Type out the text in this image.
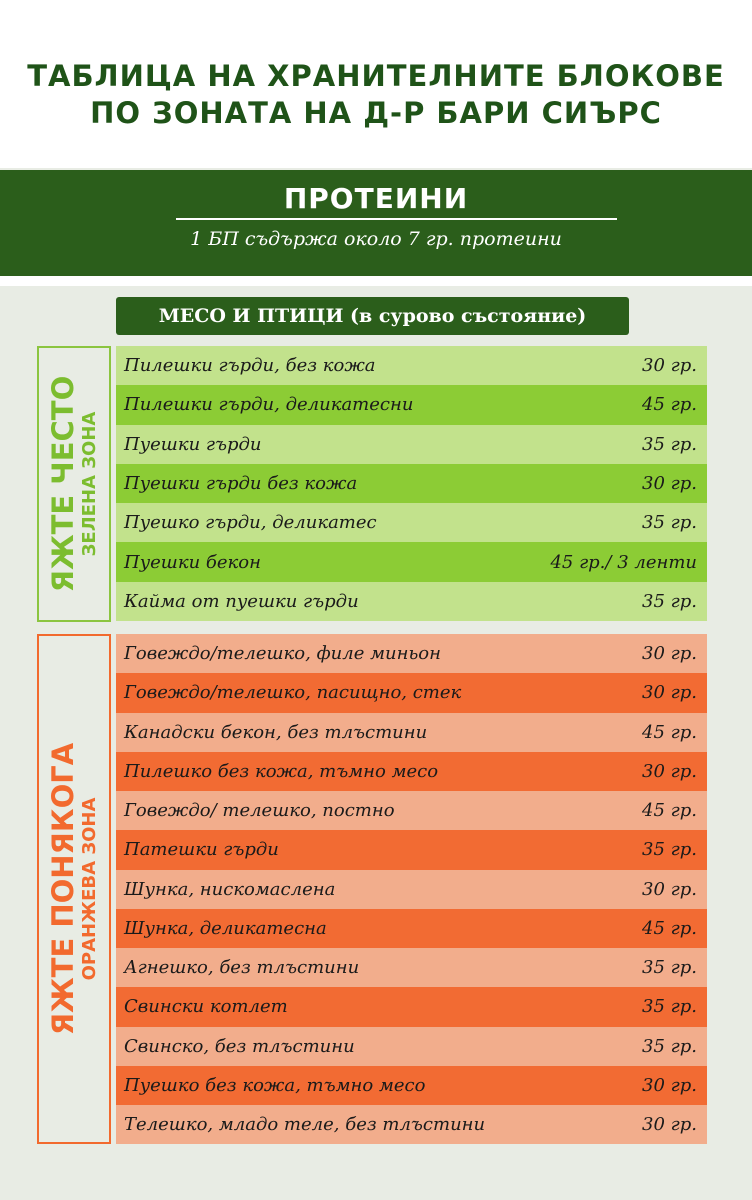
ТАБЛИЦА НА ХРАНИТЕЛНИТЕ БЛОКОВЕ
ПО ЗОНАТА НА Д-Р БАРИ СИЪРС
ПРОТЕИНИ
1 БП съдържа около 7 гр. протеини
МЕСО И ПТИЦИ (в сурово състояние)
ЯЖТЕ ЧЕСТО ЗЕЛЕНА ЗОНА
Пилешки гърди, без кожа	30 гр.
Пилешки гърди, деликатесни	45 гр.
Пуешки гърди	35 гр.
Пуешки гърди без кожа	30 гр.
Пуешко гърди, деликатес	35 гр.
Пуешки бекон	45 гр./ 3 ленти
Кайма от пуешки гърди	35 гр.
ЯЖТЕ ПОНЯКОГА ОРАНЖЕВА ЗОНА
Говеждо/телешко, филе миньон	30 гр.
Говеждо/телешко, пасищно, стек	30 гр.
Канадски бекон, без тлъстини	45 гр.
Пилешко без кожа, тъмно месо	30 гр.
Говеждо/ телешко, постно	45 гр.
Патешки гърди	35 гр.
Шунка, нискомаслена	30 гр.
Шунка, деликатесна	45 гр.
Агнешко, без тлъстини	35 гр.
Свински котлет	35 гр.
Свинско, без тлъстини	35 гр.
Пуешко без кожа, тъмно месо	30 гр.
Телешко, младо теле, без тлъстини	30 гр.
